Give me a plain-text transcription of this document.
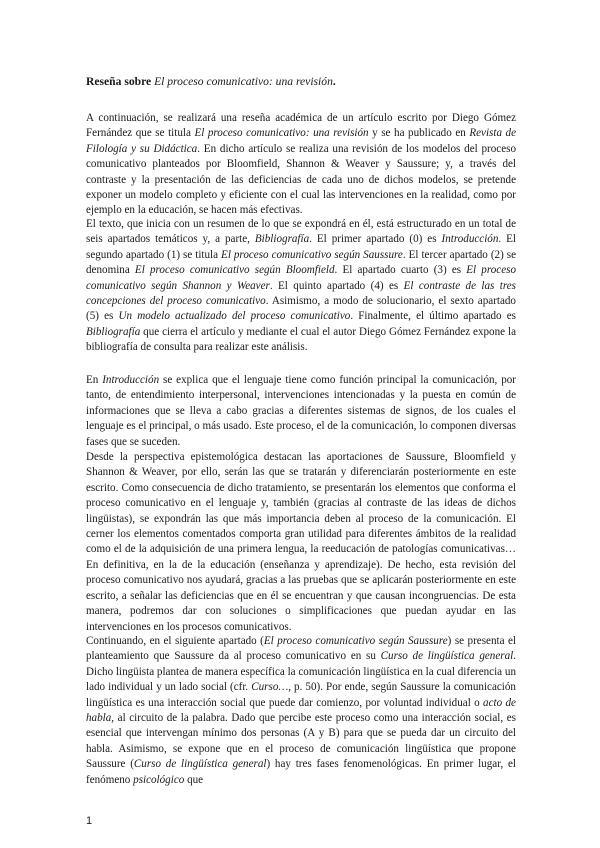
Reseña sobre El proceso comunicativo: una revisión.

A continuación, se realizará una reseña académica de un artículo escrito por Diego Gómez Fernández que se titula El proceso comunicativo: una revisión y se ha publicado en Revista de Filología y su Didáctica. En dicho artículo se realiza una revisión de los modelos del proceso comunicativo planteados por Bloomfield, Shannon & Weaver y Saussure; y, a través del contraste y la presentación de las deficiencias de cada uno de dichos modelos, se pretende exponer un modelo completo y eficiente con el cual las intervenciones en la realidad, como por ejemplo en la educación, se hacen más efectivas.

El texto, que inicia con un resumen de lo que se expondrá en él, está estructurado en un total de seis apartados temáticos y, a parte, Bibliografía. El primer apartado (0) es Introducción. El segundo apartado (1) se titula El proceso comunicativo según Saussure. El tercer apartado (2) se denomina El proceso comunicativo según Bloomfield. El apartado cuarto (3) es El proceso comunicativo según Shannon y Weaver. El quinto apartado (4) es El contraste de las tres concepciones del proceso comunicativo. Asimismo, a modo de solucionario, el sexto apartado (5) es Un modelo actualizado del proceso comunicativo. Finalmente, el último apartado es Bibliografía que cierra el artículo y mediante el cual el autor Diego Gómez Fernández expone la bibliografía de consulta para realizar este análisis.

En Introducción se explica que el lenguaje tiene como función principal la comunicación, por tanto, de entendimiento interpersonal, intervenciones intencionadas y la puesta en común de informaciones que se lleva a cabo gracias a diferentes sistemas de signos, de los cuales el lenguaje es el principal, o más usado. Este proceso, el de la comunicación, lo componen diversas fases que se suceden.

Desde la perspectiva epistemológica destacan las aportaciones de Saussure, Bloomfield y Shannon & Weaver, por ello, serán las que se tratarán y diferenciarán posteriormente en este escrito. Como consecuencia de dicho tratamiento, se presentarán los elementos que conforma el proceso comunicativo en el lenguaje y, también (gracias al contraste de las ideas de dichos lingüistas), se expondrán las que más importancia deben al proceso de la comunicación. El cerner los elementos comentados comporta gran utilidad para diferentes ámbitos de la realidad como el de la adquisición de una primera lengua, la reeducación de patologías comunicativas… En definitiva, en la de la educación (enseñanza y aprendizaje). De hecho, esta revisión del proceso comunicativo nos ayudará, gracias a las pruebas que se aplicarán posteriormente en este escrito, a señalar las deficiencias que en él se encuentran y que causan incongruencias. De esta manera, podremos dar con soluciones o simplificaciones que puedan ayudar en las intervenciones en los procesos comunicativos.

Continuando, en el siguiente apartado (El proceso comunicativo según Saussure) se presenta el planteamiento que Saussure da al proceso comunicativo en su Curso de lingüística general. Dicho lingüista plantea de manera específica la comunicación lingüística en la cual diferencia un lado individual y un lado social (cfr. Curso…, p. 50). Por ende, según Saussure la comunicación lingüística es una interacción social que puede dar comienzo, por voluntad individual o acto de habla, al circuito de la palabra. Dado que percibe este proceso como una interacción social, es esencial que intervengan mínimo dos personas (A y B) para que se pueda dar un circuito del habla. Asimismo, se expone que en el proceso de comunicación lingüística que propone Saussure (Curso de lingüística general) hay tres fases fenomenológicas. En primer lugar, el fenómeno psicológico que

1
